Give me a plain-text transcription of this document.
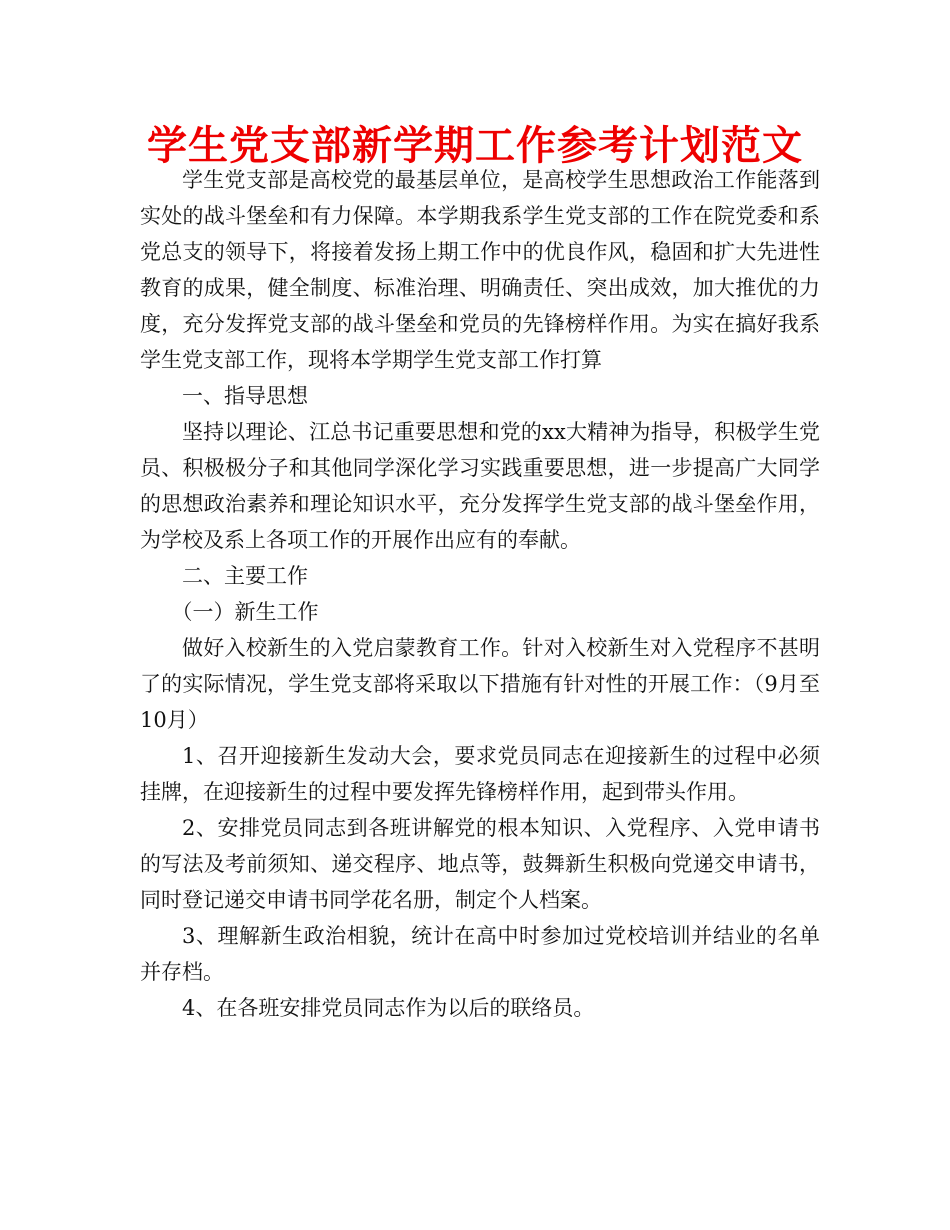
学生党支部新学期工作参考计划范文

学生党支部是高校党的最基层单位，是高校学生思想政治工作能落到实处的战斗堡垒和有力保障。本学期我系学生党支部的工作在院党委和系党总支的领导下，将接着发扬上期工作中的优良作风，稳固和扩大先进性教育的成果，健全制度、标准治理、明确责任、突出成效，加大推优的力度，充分发挥党支部的战斗堡垒和党员的先锋榜样作用。为实在搞好我系学生党支部工作，现将本学期学生党支部工作打算

一、指导思想

坚持以理论、江总书记重要思想和党的xx大精神为指导，积极学生党员、积极极分子和其他同学深化学习实践重要思想，进一步提高广大同学的思想政治素养和理论知识水平，充分发挥学生党支部的战斗堡垒作用，为学校及系上各项工作的开展作出应有的奉献。

二、主要工作

（一）新生工作

做好入校新生的入党启蒙教育工作。针对入校新生对入党程序不甚明了的实际情况，学生党支部将采取以下措施有针对性的开展工作：（9月至10月）

1、召开迎接新生发动大会，要求党员同志在迎接新生的过程中必须挂牌，在迎接新生的过程中要发挥先锋榜样作用，起到带头作用。

2、安排党员同志到各班讲解党的根本知识、入党程序、入党申请书的写法及考前须知、递交程序、地点等，鼓舞新生积极向党递交申请书，同时登记递交申请书同学花名册，制定个人档案。

3、理解新生政治相貌，统计在高中时参加过党校培训并结业的名单并存档。

4、在各班安排党员同志作为以后的联络员。
